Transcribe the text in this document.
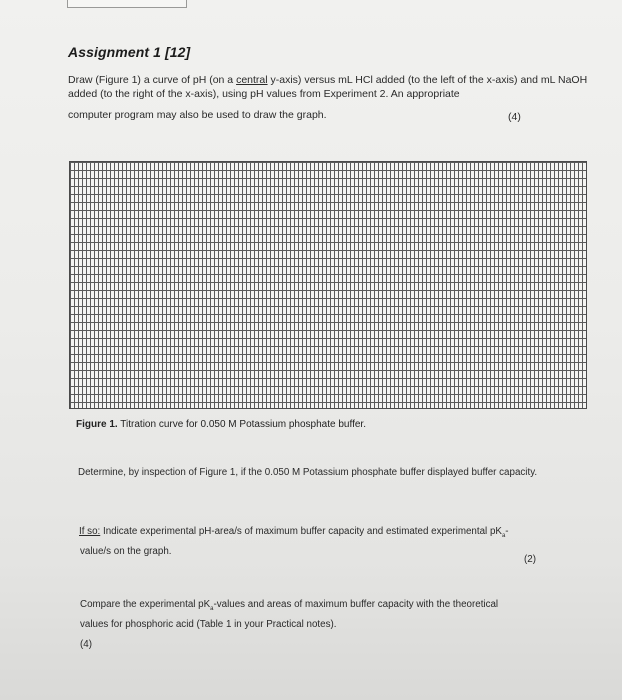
Assignment 1 [12]
Draw (Figure 1) a curve of pH (on a central y-axis) versus mL HCl added (to the left of the x-axis) and mL NaOH added (to the right of the x-axis), using pH values from Experiment 2. An appropriate
computer program may also be used to draw the graph.	(4)
Figure 1. Titration curve for 0.050 M Potassium phosphate buffer.
Determine, by inspection of Figure 1, if the 0.050 M Potassium phosphate buffer displayed buffer capacity.
If so: Indicate experimental pH-area/s of maximum buffer capacity and estimated experimental $pK_a-$
value/s on the graph.
(2)
Compare the experimental $pK_a$-values and areas of maximum buffer capacity with the theoretical
values for phosphoric acid (Table 1 in your Practical notes).
(4)
